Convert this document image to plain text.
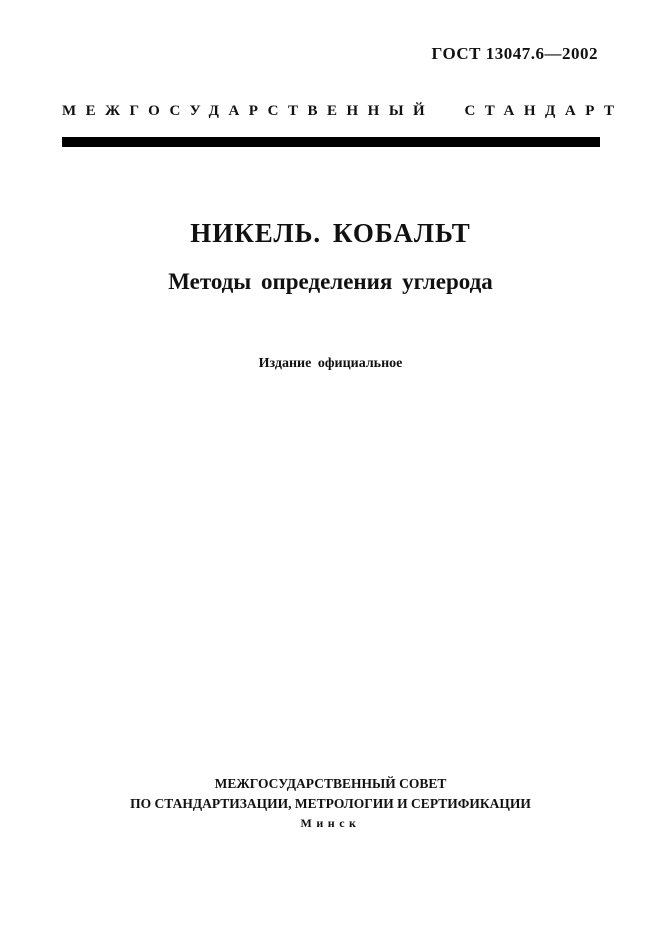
ГОСТ 13047.6—2002
МЕЖГОСУДАРСТВЕННЫЙ СТАНДАРТ
НИКЕЛЬ. КОБАЛЬТ
Методы определения углерода
Издание официальное
МЕЖГОСУДАРСТВЕННЫЙ СОВЕТ
ПО СТАНДАРТИЗАЦИИ, МЕТРОЛОГИИ И СЕРТИФИКАЦИИ
Минск
